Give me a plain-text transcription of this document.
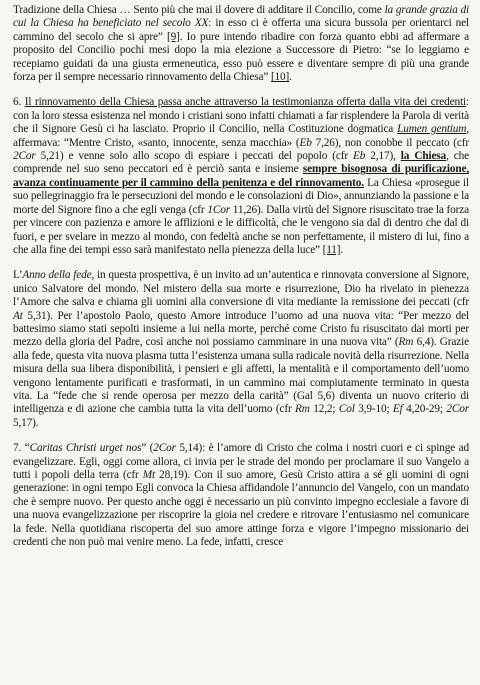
Tradizione della Chiesa … Sento più che mai il dovere di additare il Concilio, come la grande grazia di cui la Chiesa ha beneficiato nel secolo XX: in esso ci è offerta una sicura bussola per orientarci nel cammino del secolo che si apre” [9]. Io pure intendo ribadire con forza quanto ebbi ad affermare a proposito del Concilio pochi mesi dopo la mia elezione a Successore di Pietro: “se lo leggiamo e recepiamo guidati da una giusta ermeneutica, esso può essere e diventare sempre di più una grande forza per il sempre necessario rinnovamento della Chiesa” [10].

6. Il rinnovamento della Chiesa passa anche attraverso la testimonianza offerta dalla vita dei credenti: con la loro stessa esistenza nel mondo i cristiani sono infatti chiamati a far risplendere la Parola di verità che il Signore Gesù ci ha lasciato. Proprio il Concilio, nella Costituzione dogmatica Lumen gentium, affermava: “Mentre Cristo, «santo, innocente, senza macchia» (Eb 7,26), non conobbe il peccato (cfr 2Cor 5,21) e venne solo allo scopo di espiare i peccati del popolo (cfr Eb 2,17), la Chiesa, che comprende nel suo seno peccatori ed è perciò santa e insieme sempre bisognosa di purificazione, avanza continuamente per il cammino della penitenza e del rinnovamento. La Chiesa «prosegue il suo pellegrinaggio fra le persecuzioni del mondo e le consolazioni di Dio», annunziando la passione e la morte del Signore fino a che egli venga (cfr 1Cor 11,26). Dalla virtù del Signore risuscitato trae la forza per vincere con pazienza e amore le afflizioni e le difficoltà, che le vengono sia dal di dentro che dal di fuori, e per svelare in mezzo al mondo, con fedeltà anche se non perfettamente, il mistero di lui, fino a che alla fine dei tempi esso sarà manifestato nella pienezza della luce” [11].

L’Anno della fede, in questa prospettiva, è un invito ad un’autentica e rinnovata conversione al Signore, unico Salvatore del mondo. Nel mistero della sua morte e risurrezione, Dio ha rivelato in pienezza l’Amore che salva e chiama gli uomini alla conversione di vita mediante la remissione dei peccati (cfr At 5,31). Per l’apostolo Paolo, questo Amore introduce l’uomo ad una nuova vita: “Per mezzo del battesimo siamo stati sepolti insieme a lui nella morte, perché come Cristo fu risuscitato dai morti per mezzo della gloria del Padre, così anche noi possiamo camminare in una nuova vita” (Rm 6,4). Grazie alla fede, questa vita nuova plasma tutta l’esistenza umana sulla radicale novità della risurrezione. Nella misura della sua libera disponibilità, i pensieri e gli affetti, la mentalità e il comportamento dell’uomo vengono lentamente purificati e trasformati, in un cammino mai compiutamente terminato in questa vita. La “fede che si rende operosa per mezzo della carità” (Gal 5,6) diventa un nuovo criterio di intelligenza e di azione che cambia tutta la vita dell’uomo (cfr Rm 12,2; Col 3,9-10; Ef 4,20-29; 2Cor 5,17).

7. “Caritas Christi urget nos” (2Cor 5,14): è l’amore di Cristo che colma i nostri cuori e ci spinge ad evangelizzare. Egli, oggi come allora, ci invia per le strade del mondo per proclamare il suo Vangelo a tutti i popoli della terra (cfr Mt 28,19). Con il suo amore, Gesù Cristo attira a sé gli uomini di ogni generazione: in ogni tempo Egli convoca la Chiesa affidandole l’annuncio del Vangelo, con un mandato che è sempre nuovo. Per questo anche oggi è necessario un più convinto impegno ecclesiale a favore di una nuova evangelizzazione per riscoprire la gioia nel credere e ritrovare l’entusiasmo nel comunicare la fede. Nella quotidiana riscoperta del suo amore attinge forza e vigore l’impegno missionario dei credenti che non può mai venire meno. La fede, infatti, cresce
